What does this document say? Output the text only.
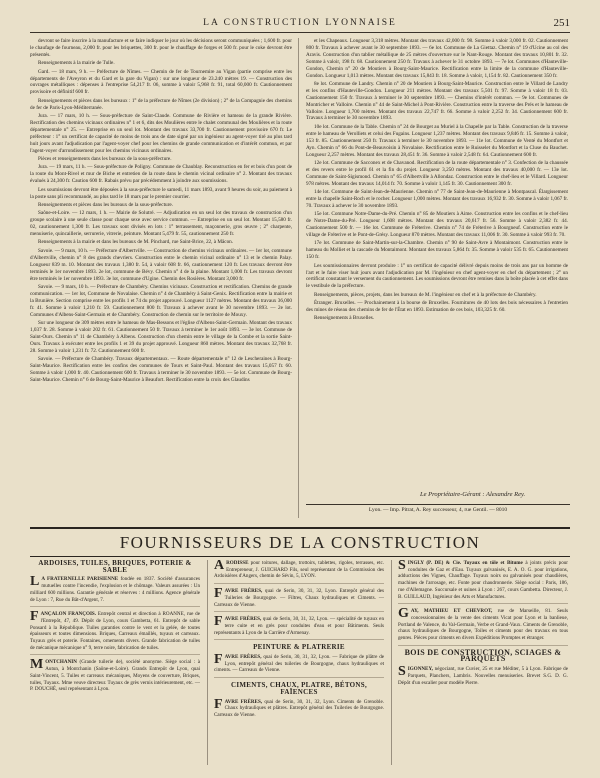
LA CONSTRUCTION LYONNAISE	251

devront se faire inscrire à la manufacture et se faire indiquer le jour où les décisions seront communiquées ; 1,600 fr. pour le chaufage de fourneau, 2,000 fr. pour les briquettes, 300 fr. pour le chauffage de forges et 500 fr. pour le coke devront être présentés.

Renseignements à la mairie de Tulle.

Gard. — 18 mars, 9 h. — Préfecture de Nîmes. — Chemin de fer de Tournemire au Vigan (partie comprise entre les départements de l'Aveyron et du Gard et la gare du Vigan) : sur une longueur de 23.240 mètres 19. — Construction des ouvrages métalliques : dépenses à l'entreprise 54,217 fr. 06, somme à valoir 5,968 fr. 91, total 60,000 fr. Cautionnement provisoire et définitif 600 fr.

Renseignements et pièces dans les bureaux : 1° de la préfecture de Nîmes (2e division) ; 2° de la Compagnie des chemins de fer de Paris-Lyon-Méditerranée.

Jura. — 17 mars, 10 h. — Sous-préfecture de Saint-Claude. Commune de Rivière et hameau de la grande Rivière. Rectification des chemins vicinaux ordinaires n° 1 et 6, dits des Moulières entre le chalet communal des Moulières et la route départementale n° 25. — Entreprise en un seul lot. Montant des travaux 33,700 fr. Cautionnement provisoire 670 fr. Le préfecteur : 1° un certificat de capacité de moins de trois ans de date signé par un ingénieur au agent-voyer tiré au plus tard huit jours avant l'adjudication par l'agent-voyer chef pour les chemins de grande communication et d'intérêt commun, et par l'agent-voyer d'arrondissement pour les chemins vicinaux ordinaires.

Pièces et renseignements dans les bureaux de la sous-préfecture.

Jura. — 19 mars, 11 h. — Sous-préfecture de Poligny. Commune de Chaublay. Reconstruction en fer et bois d'un pont de la route du Mont-Rivel et mur de Biche et entretien de la route dans le chemin vicinal ordinaire n° 2. Montant des travaux évalués à 24,300 fr. Caution 600 fr. Rabais prévu par précédemment à joindre aux soumissions.

Les soumissions devront être déposées à la sous-préfecture le samedi, 11 mars 1893, avant 9 heures du soir, au paiement à la poste sans pli recommandé, au plus tard le 18 mars par le premier courrier.

Renseignements et pièces dans les bureaux de la sous-préfecture.

Saône-et-Loire. — 12 mars, 1 h. — Mairie de Solutré. — Adjudication en un seul lot des travaux de construction d'un groupe scolaire à une seule classe pour chaque sexe avec service commun. — Entreprise en un seul lot. Montant 15,580 fr. 02, cautionnement 1,300 fr. Les travaux sont divisés en lots : 1° terrassement, maçonnerie, gros œuvre ; 2° charpente, menuiserie, quincaillerie, serrurerie, vitrerie, peinture. Montant 5,479 fr. 55, cautionnement 250 fr.

Renseignements à la mairie et dans les bureaux de M. Pinchard, rue Saint-Brice, 22, à Mâcon.

Savoie. — 9 mars, 10 h. — Préfecture d'Albertville. — Construction de chemins vicinaux ordinaires. — 1er lot, commune d'Albertville, chemin n° 8 des grands chevriers. Construction entre le chemin vicinal ordinaire n° 13 et le chemin Palay. Longueur 839 m. 10. Montant des travaux 1,380 fr. 54, à valoir 608 fr. 66, cautionnement 120 fr. Les travaux devront être terminés le 1er novembre 1893. 2e lot, commune de Bévy. Chemin n° 4 de la plaine. Montant 1,000 fr. Les travaux devront être terminés le 1er novembre 1893. 3e lot, commune d'Ugine. Chemin des Rosières. Montant 3,000 fr.

Savoie. — 9 mars, 10 h. — Préfecture de Chambéry. Chemins vicinaux. Construction et rectification. Chemins de grande communication. — 1er lot, Commune de Novalaise. Chemin n° 4 de Chambéry à Saint-Genix. Rectification entre la mairie et la Brunière. Section comprise entre les profils 1 et 74 du projet approuvé. Longueur 1127 mètres. Montant des travaux 36,000 fr. 41. Somme à valoir 1,210 fr. 59. Cautionnement 800 fr. Travaux à achever avant le 30 novembre 1893. — 2e lot. Communes d'Albens-Saint-Germain et de Chambéry. Construction de chemin sur le territoire de Mouxy.

Sur une longueur de 309 mètres entre le hameau de Mas-Bessons et l'église d'Albens-Saint-Germain. Montant des travaux 1,037 fr. 28. Somme à valoir 202 fr. 61. Cautionnement 50 fr. Travaux à terminer le 1er août 1893. — 3e lot. Commune de Saint-Ours. Chemin n° 11 de Chambéry à Albens. Construction d'un chemin entre le village de la Combe et la sortie Saint-Ours. Travaux à exécuter entre les profils 1 et 39 du projet approuvé. Longueur 860 mètres. Montant des travaux 32,768 fr. 28. Somme à valoir 1,231 fr. 72. Cautionnement 600 fr.

Savoie. — Préfecture de Chambéry. Travaux départementaux. — Route départementale n° 12 de Lescheraines à Bourg-Saint-Maurice. Rectification entre les confins des communes de Tours et Saint-Paul. Montant des travaux 15,057 fr. 60. Somme à valoir 1,000 fr. 40. Cautionnement 600 fr. Travaux à terminer le 30 novembre 1893. — 5e lot. Commune de Bourg-Saint-Maurice. Chemin n° 6 de Bourg-Saint-Maurice à Beaufort. Rectification entre la croix des Glaudins

et les Chapeaux. Longueur 3,318 mètres. Montant des travaux 42,000 fr. 98. Somme à valoir 3,000 fr. 02. Cautionnement 800 fr. Travaux à achever avant le 30 septembre 1893. — 6e lot. Commune de La Giettaz. Chemin n° 19 d'Ucine au col des Aravis. Construction d'un tablier métallique de 25 mètres d'ouverture sur le Nant-Rouge. Montant des travaux 10,801 fr. 32. Somme à valoir, 198 fr. 68. Cautionnement 250 fr. Travaux à achever le 31 octobre 1893. — 7e lot. Communes d'Hauteville-Gondon, Chemin n° 20 de Moutiers à Bourg-Saint-Maurice. Rectification entre la limite de la commune d'Hauteville-Gondon. Longueur 1,013 mètres. Montant des travaux 15,843 fr. 18. Somme à valoir, 1,154 fr. 82. Cautionnement 350 fr.

8e lot. Commune de Landry. Chemin n° 20 de Moutiers à Bourg-Saint-Maurice. Construction entre le Villard de Landry et les confins d'Hauteville-Gondon. Longueur 211 mètres. Montant des travaux 5,501 fr. 97. Somme à valoir 18 fr. 03. Cautionnement 150 fr. Travaux à terminer le 30 septembre 1893. — Chemins d'intérêt commun. — 9e lot. Communes de Montricher et Valloire. Chemin n° 44 de Saint-Michel à Pont-Rivière. Construction entre la traverse des Prés et le hameau de Valloire. Longueur 1,700 mètres. Montant des travaux 22,747 fr. 66. Somme à valoir 2,252 fr. 34. Cautionnement 600 fr. Travaux à terminer le 30 novembre 1893.

10e lot. Commune de la Table. Chemin n° 24 de Bourget au Muriel à la Chapelle par la Table. Construction de la traverse entre le hameau de Verolliets et celui des Fugains. Longueur 1,237 mètres. Montant des travaux 9,846 fr. 15. Somme à valoir, 153 fr. 85. Cautionnement 250 fr. Travaux à terminer le 30 novembre 1893. — 11e lot. Commune de Venté du Montfort et Ayn. Chemin n° 66 du Pont-de-Beauvoisin à Novalaise. Rectification entre le Ruisselet du Montfort et la Cluse du Bauchet. Longueur 2,257 mètres. Montant des travaux 28,451 fr. 36. Somme à valoir 2,548 fr. 64. Cautionnement 600 fr.

12e lot. Commune de Sacconex et de Chavanod. Rectification de la route départementale n° 3. Confection de la chaussée et des revers entre le profil 61 et la fin du projet. Longueur 3,250 mètres. Montant des travaux 40,000 fr. — 13e lot. Commune de Saint-Sigismond. Chemin n° 65 d'Albertville à Allondaz. Construction entre le chef-lieu et le Villard. Longueur 978 mètres. Montant des travaux 14,014 fr. 70. Somme à valoir 1,145 fr. 30. Cautionnement 300 fr.

14e lot. Commune de Saint-Jean-de-Maurienne. Chemin n° 77 de Saint-Jean-de-Maurienne à Montpascal. Élargissement entre la chapelle Saint-Roch et le rocher. Longueur 1,000 mètres. Montant des travaux 16,932 fr. 30. Somme à valoir 1,067 fr. 70. Travaux à achever le 30 novembre 1893.

15e lot. Commune Notre-Dame-du-Pré. Chemin n° 85 de Moutiers à Aime. Construction entre les confins et le chef-lieu de Notre-Dame-du-Pré. Longueur 1,608 mètres. Montant des travaux 20,617 fr. 56. Somme à valoir 2,382 fr. 44. Cautionnement 500 fr. — 16e lot. Commune de Fréterive. Chemin n° 74 de Fréterive à Bourgneuf. Construction entre le village de Fréterive et le Pont-de-Grésy. Longueur 870 mètres. Montant des travaux 11,006 fr. 30. Somme à valoir 993 fr. 70.

17e lot. Commune de Saint-Martin-sur-la-Chambre. Chemin n° 90 de Saint-Avre à Montaimont. Construction entre le hameau du Molliet et la cascade du Montaimont. Montant des travaux 5,864 fr. 35. Somme à valoir 535 fr. 65. Cautionnement 150 fr.

Les soumissionnaires devront produire : 1° un certificat de capacité délivré depuis moins de trois ans par un homme de l'art et le faire viser huit jours avant l'adjudication par M. l'ingénieur en chef agent-voyer en chef du département ; 2° un certificat constatant le versement du cautionnement. Les soumissions devront être remises dans la boîte placée à cet effet dans le vestibule de la préfecture.

Renseignements, pièces, projets, dans les bureaux de M. l'ingénieur en chef et à la préfecture de Chambéry.

Étranger. Bruxelles. — Prochainement à la bourse de Bruxelles. Fournitures de 40 lots des bois nécessaires à l'entretien des mines de réseau des chemins de fer de l'État en 1893. Estimation de ces bois, 103,325 fr. 60.

Renseignements à Bruxelles.

Le Propriétaire-Gérant : Alexandre Rey.
Lyon. — Imp. Pitrat, A. Rey successeur, 4, rue Gentil. — 8010
FOURNISSEURS DE LA CONSTRUCTION
ARDOISES, TUILES, BRIQUES, POTERIE & SABLE
L A FRATERNELLE PARISIENNE fondée en 1837. Société d'assurances mutuelles contre l'incendie, l'explosion et le chômage. Valeurs assurées : Un milliard 600 millions. Garantie générale et réserves : 4 millions. Agence générale de Lyon : 7, Rue du Bât-d'Argent, 7.
FANÇALON FRANÇOIS. Entrepôt central et direction à ROANNE, rue de l'Entrepôt, 47, 49. Dépôt de Lyon, cours Gambetta, 61. Entrepôt de sable Ponsard à la République. Tuiles garanties contre le vent et la gelée, de toutes épaisseurs et toutes dimensions. Briques, Carreaux émaillés, tuyaux et carreaux. Tuyaux grès et poterie. Fontaines, ornements divers. Grande fabrication de tuiles de mécanique mécanique n° 9, terre noire, fabrication de tuiles.
MONTCHANIN (Grande tuilerie de), société anonyme. Siège social : à Autun, à Montchanin (Saône-et-Loire). Grands Entrepôt de Lyon, quai Saint-Vincent, 5. Tuiles et carreaux mécaniques, Moyens de couverture, Briques, tuiles, Tuyaux. Mme veuve directeur. Tuyaux de grès vernis intérieurement, etc. — P. DOUCHÉ, seul représentant à Lyon.
ARODISSE pour toitures, dallage, trottoirs, tablettes, rigoles, terrasses, etc. Entrepreneur, J. GUICHARD Fils, seul représentant de la Commission des Ardoisières d'Angers, chemin de Sévin, 5, LYON.
FAVRE FRÈRES, quai de Serin, 30, 31, 32, Lyon. Entrepôt général des Tuileries de Bourgogne. — Filtres, Chaux hydrauliques et Ciments. — Carreaux de Vienne.
FAVRE FRÈRES, quai de Serin, 30, 31, 32, Lyon. — spécialité de tuyaux en terre cuite et en grès pour conduites d'eau et pour Bâtiments. Seuls représentants à Lyon de la Carrière d'Armenay.
PEINTURE & PLATRERIE
FAVRE FRÈRES, quai de Serin, 30, 31, 32, Lyon. — Fabrique de plâtre de Lyon, entrepôt général des tuileries de Bourgogne, chaux hydrauliques et ciments. — Carreaux de Vienne.
CIMENTS, CHAUX, PLATRE, BÉTONS, FAÏENCES
FAVRE FRÈRES, quai de Serin, 30, 31, 32, Lyon. Ciments de Grenoble. Chaux hydrauliques et plâtres. Entrepôt général des Tuileries de Bourgogne. Carreaux de Vienne.
SINGLY (P. DE) & Cie. Tuyaux en tôle et Bitume à joints précis pour conduites de Gaz et d'Eau. Tuyaux galvanisés, E. A. O. G. pour irrigations, adductions des Vignes, Chauffage. Tuyaux noirs ou galvanisés pour chaudières, machines de l'arrosage, etc. Fonte pour chaudronnerie. Siège social : Paris, 186, rue d'Allemagne. Succursale et usines à Lyon : 267, cours Gambetta. Directeur, J. B. GUILLAUD, Ingénieur des Arts et Manufactures.
GAY, MATHIEU ET CHEVROT, rue de Marseille, 81. Seuls concessionnaires de la vente des ciments Vicat pour Lyon et la banlieue, Portland de Valence, du Val-Germain, Verbe et Grand-Vaux. Ciments de Grenoble, chaux hydrauliques de Bourgogne, Toiles et ciments pour des travaux en tous genres. Pièces pour ciments en divers Expéditions Promptes et étranger.
BOIS DE CONSTRUCTION, SCIAGES & PARQUETS
SIGONNEY, négociant, rue Cuvier, 25 et rue Méditer, 5 à Lyon. Fabrique de Parquets, Planchers, Lambris. Nouvelles menuiseries. Brevet S.G. D. G. Dépôt d'un escalier pour modèle Pierre.
